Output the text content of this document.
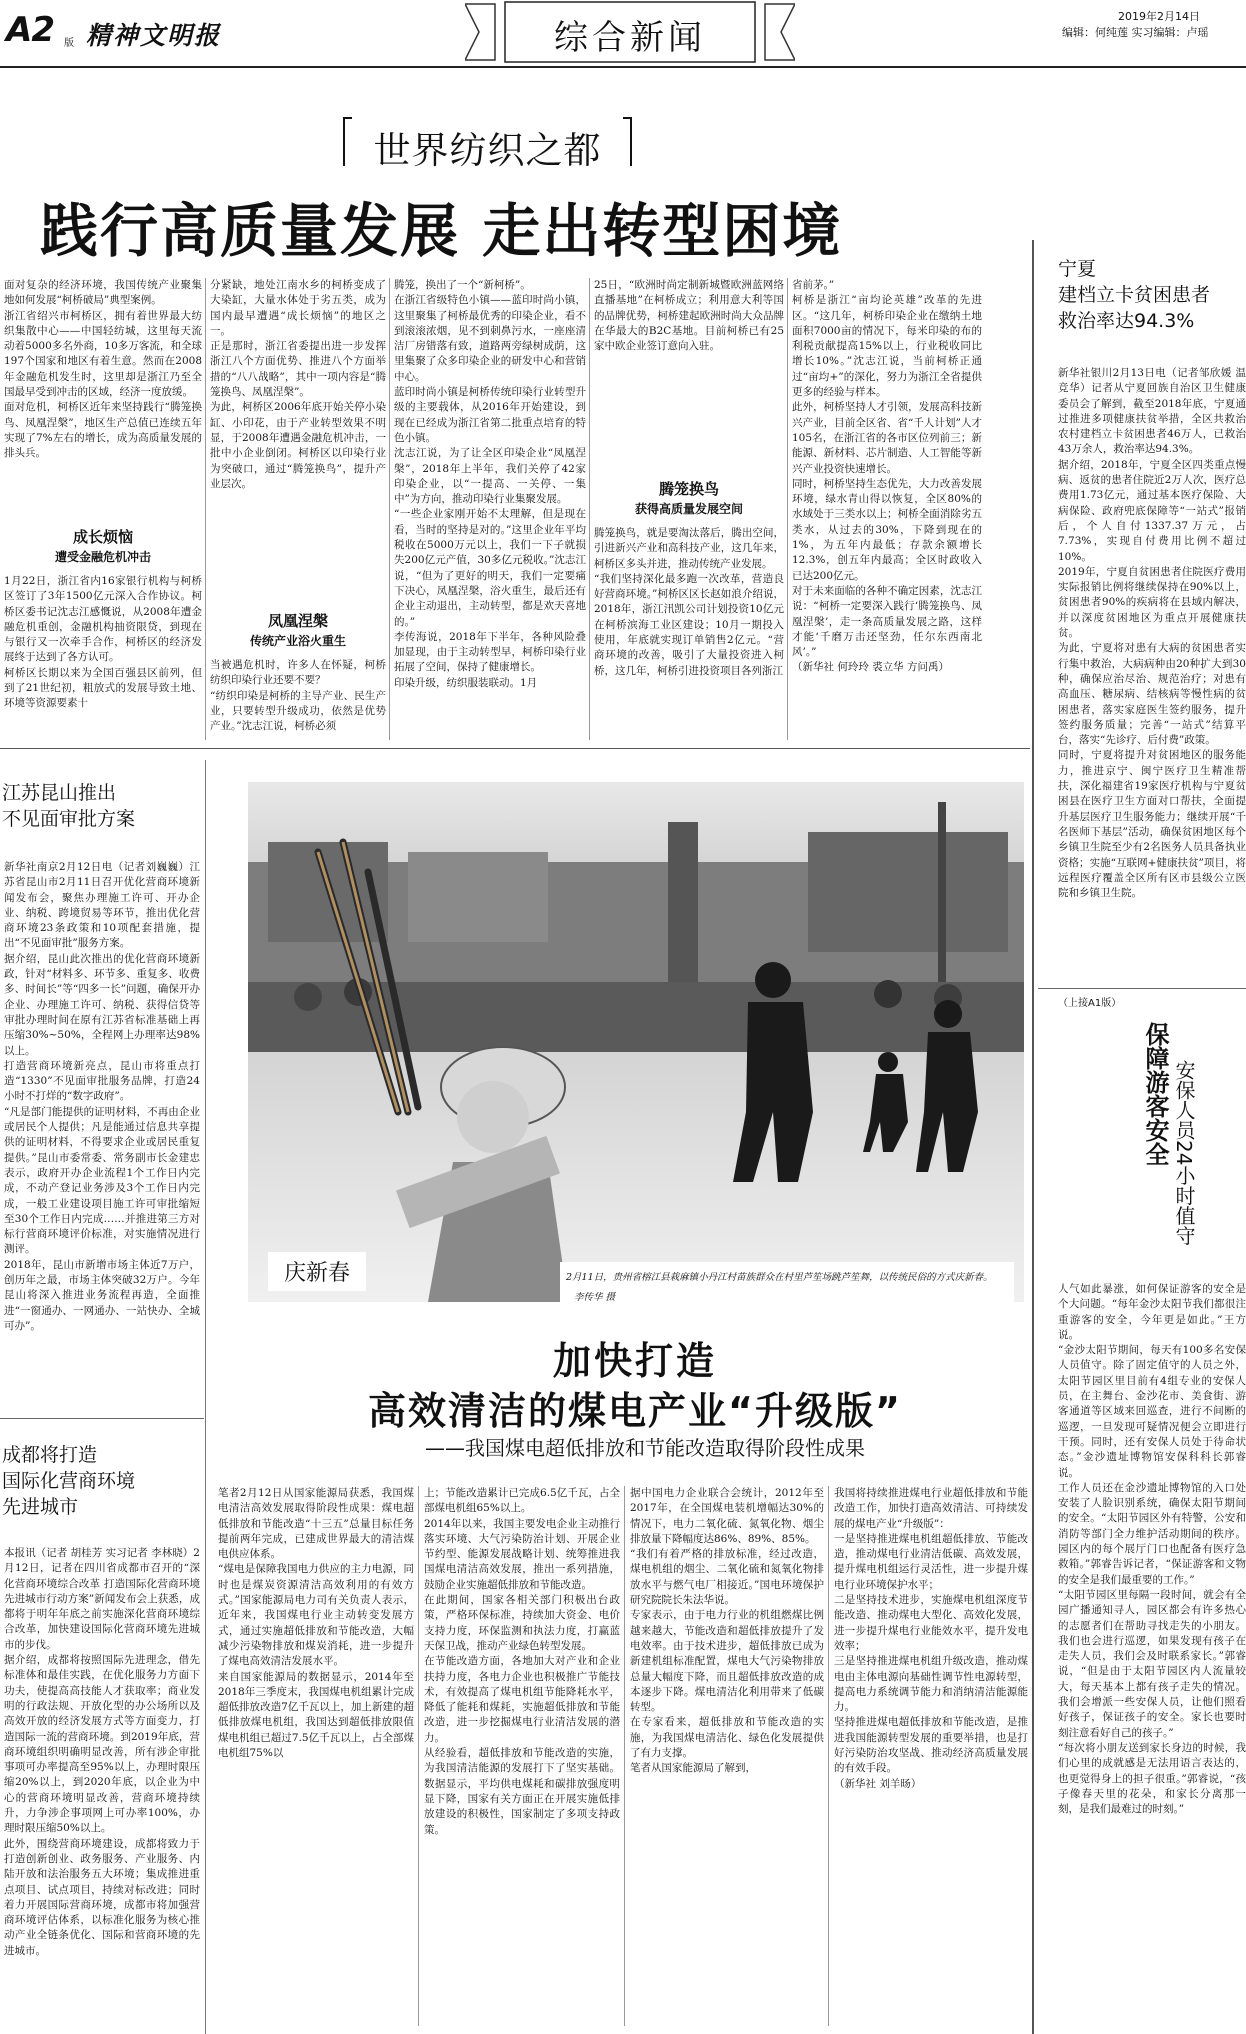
A2 版 精神文明报	综合新闻
2019年2月14日
编辑：何纯莲 实习编辑：卢瑶
世界纺织之都
践行高质量发展 走出转型困境
面对复杂的经济环境，我国传统产业聚集地如何发展“柯桥破局”典型案例。
浙江省绍兴市柯桥区，拥有着世界最大纺织集散中心——中国轻纺城，这里每天流动着5000多名外商，10多万客流，和全球197个国家和地区有着生意。然而在2008年金融危机发生时，这里却是浙江乃至全国最早受到冲击的区域，经济一度放缓。
面对危机，柯桥区近年来坚持践行“腾笼换鸟、凤凰涅槃”，地区生产总值已连续五年实现了7%左右的增长，成为高质量发展的排头兵。
成长烦恼
遭受金融危机冲击
1月22日，浙江省内16家银行机构与柯桥区签订了3年1500亿元深入合作协议。柯桥区委书记沈志江感慨说，从2008年遭金融危机重创，金融机构抽资限贷，到现在与银行又一次牵手合作，柯桥区的经济发展终于达到了各方认可。
柯桥区长期以来为全国百强县区前列，但到了21世纪初，粗放式的发展导致土地、环境等资源要素十
分紧缺，地处江南水乡的柯桥变成了大染缸，大量水体处于劣五类，成为国内最早遭遇“成长烦恼”的地区之一。
正是那时，浙江省委提出进一步发挥浙江八个方面优势、推进八个方面举措的“八八战略”，其中一项内容是“腾笼换鸟、凤凰涅槃”。
为此，柯桥区2006年底开始关停小染缸、小印花，由于产业转型效果不明显，于2008年遭遇金融危机冲击，一批中小企业倒闭。柯桥区以印染行业为突破口，通过“腾笼换鸟”，提升产业层次。
凤凰涅槃
传统产业浴火重生
当被遇危机时，许多人在怀疑，柯桥纺织印染行业还要不要？
“纺织印染是柯桥的主导产业、民生产业，只要转型升级成功，依然是优势产业。”沈志江说，柯桥必须
腾笼，换出了一个“新柯桥”。
在浙江省级特色小镇——蓝印时尚小镇，这里聚集了柯桥最优秀的印染企业，看不到滚滚浓烟，见不到刺鼻污水，一座座清洁厂房错落有致，道路两旁绿树成荫，这里集聚了众多印染企业的研发中心和营销中心。
蓝印时尚小镇是柯桥传统印染行业转型升级的主要载体，从2016年开始建设，到现在已经成为浙江省第二批重点培育的特色小镇。
沈志江说，为了让全区印染企业“凤凰涅槃”，2018年上半年，我们关停了42家印染企业，以“一提高、一关停、一集中”为方向，推动印染行业集聚发展。
“一些企业家刚开始不太理解，但是现在看，当时的坚持是对的。”这里企业年平均税收在5000万元以上，我们一下子就损失200亿元产值，30多亿元税收。”沈志江说，“但为了更好的明天，我们一定要痛下决心，凤凰涅槃，浴火重生，最后还有企业主动退出，主动转型，都是欢天喜地的。”
李传海说，2018年下半年，各种风险叠加显现，由于主动转型早，柯桥印染行业拓展了空间，保持了健康增长。
印染升级，纺织服装联动。1月
25日，“欧洲时尚定制新城暨欧洲蓝网络直播基地”在柯桥成立；利用意大利等国的品牌优势，柯桥建起欧洲时尚大众品牌在华最大的B2C基地。目前柯桥已有25家中欧企业签订意向入驻。
腾笼换鸟
获得高质量发展空间
腾笼换鸟，就是要淘汰落后，腾出空间，引进新兴产业和高科技产业，这几年来，柯桥区多头并进，推动传统产业发展。
“我们坚持深化最多跑一次改革，营造良好营商环境。”柯桥区区长赵如浪介绍说，2018年，浙江汛凯公司计划投资10亿元在柯桥滨海工业区建设；10月一期投入使用，年底就实现订单销售2亿元。“营商环境的改善，吸引了大量投资进入柯桥，这几年，柯桥引进投资项目各列浙江
省前茅。”
柯桥是浙江“亩均论英雄”改革的先进区。“这几年，柯桥印染企业在缴纳土地面积7000亩的情况下，每米印染的布的利税贡献提高15%以上，行业税收同比增长10%。”沈志江说，当前柯桥正通过“亩均+”的深化，努力为浙江全省提供更多的经验与样本。
此外，柯桥坚持人才引领，发展高科技新兴产业，目前全区省、省“千人计划”人才105名，在浙江省的各市区位列前三；新能源、新材料、芯片制造、人工智能等新兴产业投资快速增长。
同时，柯桥坚持生态优先，大力改善发展环境，绿水青山得以恢复，全区80%的水域处于三类水以上；柯桥全面消除劣五类水，从过去的30%，下降到现在的1%，为五年内最低；存款余额增长12.3%，创五年内最高；全区时政收入已达200亿元。
对于未来面临的各种不确定因素，沈志江说：“柯桥一定要深入践行‘腾笼换鸟、凤凰涅槃’，走一条高质量发展之路，这样才能‘千磨万击还坚劲，任尔东西南北风’。”
（新华社 何玲玲 裘立华 方问禹）
宁夏
建档立卡贫困患者
救治率达94.3%
新华社银川2月13日电（记者邹欣媛 温竞华）记者从宁夏回族自治区卫生健康委员会了解到，截至2018年底，宁夏通过推进多项健康扶贫举措，全区共救治农村建档立卡贫困患者46万人，已救治43万余人，救治率达94.3%。
据介绍，2018年，宁夏全区四类重点慢病、返贫的患者住院近2万人次，医疗总费用1.73亿元，通过基本医疗保险、大病保险、政府兜底保障等“一站式”报销后，个人自付1337.37万元，占7.73%，实现自付费用比例不超过10%。
2019年，宁夏自贫困患者住院医疗费用实际报销比例将继续保持在90%以上，贫困患者90%的疾病将在县域内解决，并以深度贫困地区为重点开展健康扶贫。
为此，宁夏将对患有大病的贫困患者实行集中救治，大病病种由20种扩大到30种，确保应治尽治、规范治疗；对患有高血压、糖尿病、结核病等慢性病的贫困患者，落实家庭医生签约服务，提升签约服务质量；完善“一站式”结算平台，落实“先诊疗、后付费”政策。
同时，宁夏将提升对贫困地区的服务能力，推进京宁、闽宁医疗卫生精准帮扶，深化福建省19家医疗机构与宁夏贫困县在医疗卫生方面对口帮扶，全面提升基层医疗卫生服务能力；继续开展“千名医师下基层”活动，确保贫困地区每个乡镇卫生院至少有2名医务人员具备执业资格；实施“互联网+健康扶贫”项目，将远程医疗覆盖全区所有区市县级公立医院和乡镇卫生院。
（上接A1版）
保障游客安全 安保人员24小时值守
人气如此暴涨，如何保证游客的安全是个大问题。“每年金沙太阳节我们都很注重游客的安全，今年更是如此。”王方说。
“金沙太阳节期间，每天有100多名安保人员值守。除了固定值守的人员之外，太阳节园区里目前有4组专业的安保人员，在主舞台、金沙花市、美食街、游客通道等区域来回巡查，进行不间断的巡逻，一旦发现可疑情况便会立即进行干预。同时，还有安保人员处于待命状态。”金沙遗址博物馆安保科科长郭睿说。
工作人员还在金沙遗址博物馆的入口处安装了人脸识别系统，确保太阳节期间的安全。“太阳节园区外有特警，公安和消防等部门全力维护活动期间的秩序。园区内的每个展厅门口也配备有医疗急救箱。”郭睿告诉记者，“保证游客和文物的安全是我们最重要的工作。”
“太阳节园区里每隔一段时间，就会有全园广播通知寻人，园区都会有许多热心的志愿者们在帮助寻找走失的小朋友。我们也会进行巡逻，如果发现有孩子在走失人员，我们会及时联系家长。”郭睿说，“但是由于太阳节园区内人流量较大，每天基本上都有孩子走失的情况。我们会增派一些安保人员，让他们照看好孩子，保证孩子的安全。家长也要时刻注意看好自己的孩子。”
“每次将小朋友送到家长身边的时候，我们心里的成就感是无法用语言表达的，也更觉得身上的担子很重。”郭睿说，“孩子像春天里的花朵，和家长分离那一刻，是我们最难过的时刻。”
江苏昆山推出
不见面审批方案
新华社南京2月12日电（记者刘巍巍）江苏省昆山市2月11日召开优化营商环境新闻发布会，聚焦办理施工许可、开办企业、纳税、跨境贸易等环节，推出优化营商环境23条政策和10项配套措施，提出“不见面审批”服务方案。
据介绍，昆山此次推出的优化营商环境新政，针对“材料多、环节多、重复多、收费多、时间长”等“四多一长”问题，确保开办企业、办理施工许可、纳税、获得信贷等审批办理时间在原有江苏省标准基础上再压缩30%~50%，全程网上办理率达98%以上。
打造营商环境新亮点，昆山市将重点打造“1330”不见面审批服务品牌，打造24小时不打烊的“数字政府”。
“凡是部门能提供的证明材料，不再由企业或居民个人提供；凡是能通过信息共享提供的证明材料，不得要求企业或居民重复提供。”昆山市委常委、常务副市长金建忠表示，政府开办企业流程1个工作日内完成，不动产登记业务涉及3个工作日内完成，一般工业建设项目施工许可审批缩短至30个工作日内完成……并推进第三方对标行营商环境评价标准，对实施情况进行测评。
2018年，昆山市新增市场主体近7万户，创历年之最，市场主体突破32万户。今年昆山将深入推进业务流程再造，全面推进“一窗通办、一网通办、一站快办、全城可办”。
成都将打造
国际化营商环境
先进城市
本报讯（记者 胡桂芳 实习记者 李林晓）2月12日，记者在四川省成都市召开的“深化营商环境综合改革 打造国际化营商环境先进城市行动方案”新闻发布会上获悉，成都将于明年年底之前实施深化营商环境综合改革，加快建设国际化营商环境先进城市的步伐。
据介绍，成都将按照国际先进理念，借先标准体和最佳实践，在优化服务力方面下功夫，使提高高技能人才获取率；商业发明的行政法规、开放化型的办公场所以及高效开放的经济发展方式等方面变力，打造国际一流的营商环境。到2019年底，营商环境组织明确明显改善，所有涉企审批事项可办率提高至95%以上，办理时限压缩20%以上，到2020年底，以企业为中心的营商环境明显改善，营商环境持续升，力争涉企事项网上可办率100%，办理时限压缩50%以上。
此外，围绕营商环境建设，成都将致力于打造创新创业、政务服务、产业服务、内陆开放和法治服务五大环境；集成推进重点项目、试点项目，持续对标改进；同时着力开展国际营商环境，成都市将加强营商环境评估体系，以标准化服务为核心推动产业全链条优化、国际和营商环境的先进城市。
庆新春	2月11日，贵州省榕江县栽麻镇小丹江村苗族群众在村里芦笙场跳芦笙舞，以传统民俗的方式庆新春。 李传华 摄
加快打造
高效清洁的煤电产业“升级版”
——我国煤电超低排放和节能改造取得阶段性成果
笔者2月12日从国家能源局获悉，我国煤电清洁高效发展取得阶段性成果：煤电超低排放和节能改造“十三五”总量目标任务提前两年完成，已建成世界最大的清洁煤电供应体系。
“煤电是保障我国电力供应的主力电源，同时也是煤炭资源清洁高效利用的有效方式。”国家能源局电力司有关负责人表示，近年来，我国煤电行业主动转变发展方式，通过实施超低排放和节能改造，大幅减少污染物排放和煤炭消耗，进一步提升了煤电高效清洁发展水平。
来自国家能源局的数据显示，2014年至2018年三季度末，我国煤电机组累计完成超低排放改造7亿千瓦以上，加上新建的超低排放煤电机组，我国达到超低排放限值煤电机组已超过7.5亿千瓦以上，占全部煤电机组75%以
上；节能改造累计已完成6.5亿千瓦，占全部煤电机组65%以上。
2014年以来，我国主要发电企业主动推行落实环境、大气污染防治计划、开展企业节约型、能源发展战略计划、统筹推进我国煤电清洁高效发展，推出一系列措施，鼓励企业实施超低排放和节能改造。
在此期间，国家各相关部门积极出台政策，严格环保标准，持续加大资金、电价支持力度，环保监测和执法力度，打赢蓝天保卫战，推动产业绿色转型发展。
在节能改造方面，各地加大对产业和企业扶持力度，各电力企业也积极推广节能技术，有效提高了煤电机组节能降耗水平，降低了能耗和煤耗，实施超低排放和节能改造，进一步挖掘煤电行业清洁发展的潜力。
从经验看，超低排放和节能改造的实施，为我国清洁能源的发展打下了坚实基础。数据显示，平均供电煤耗和碳排放强度明显下降，国家有关方面正在开展实施低排放建设的积极性，国家制定了多项支持政策。
据中国电力企业联合会统计，2012年至2017年，在全国煤电装机增幅达30%的情况下，电力二氧化硫、氮氧化物、烟尘排放量下降幅度达86%、89%、85%。
“我们有着严格的排放标准，经过改造，煤电机组的烟尘、二氧化硫和氮氧化物排放水平与燃气电厂相接近。”国电环境保护研究院院长朱法华说。
专家表示，由于电力行业的机组燃煤比例越来越大，节能改造和超低排放提升了发电效率。由于技术进步，超低排放已成为新建机组标准配置，煤电大气污染物排放总量大幅度下降，而且超低排放改造的成本逐步下降。煤电清洁化利用带来了低碳转型。
在专家看来，超低排放和节能改造的实施，为我国煤电清洁化、绿色化发展提供了有力支撑。
笔者从国家能源局了解到，
我国将持续推进煤电行业超低排放和节能改造工作，加快打造高效清洁、可持续发展的煤电产业“升级版”：
一是坚持推进煤电机组超低排放、节能改造，推动煤电行业清洁低碳、高效发展，提升煤电机组运行灵活性，进一步提升煤电行业环境保护水平；
二是坚持技术进步，实施煤电机组深度节能改造、推动煤电大型化、高效化发展，进一步提升煤电行业能效水平，提升发电效率；
三是坚持推进煤电机组升级改造，推动煤电由主体电源向基础性调节性电源转型，提高电力系统调节能力和消纳清洁能源能力。
坚持推进煤电超低排放和节能改造，是推进我国能源转型发展的重要举措，也是打好污染防治攻坚战、推动经济高质量发展的有效手段。
（新华社 刘羊旸）
